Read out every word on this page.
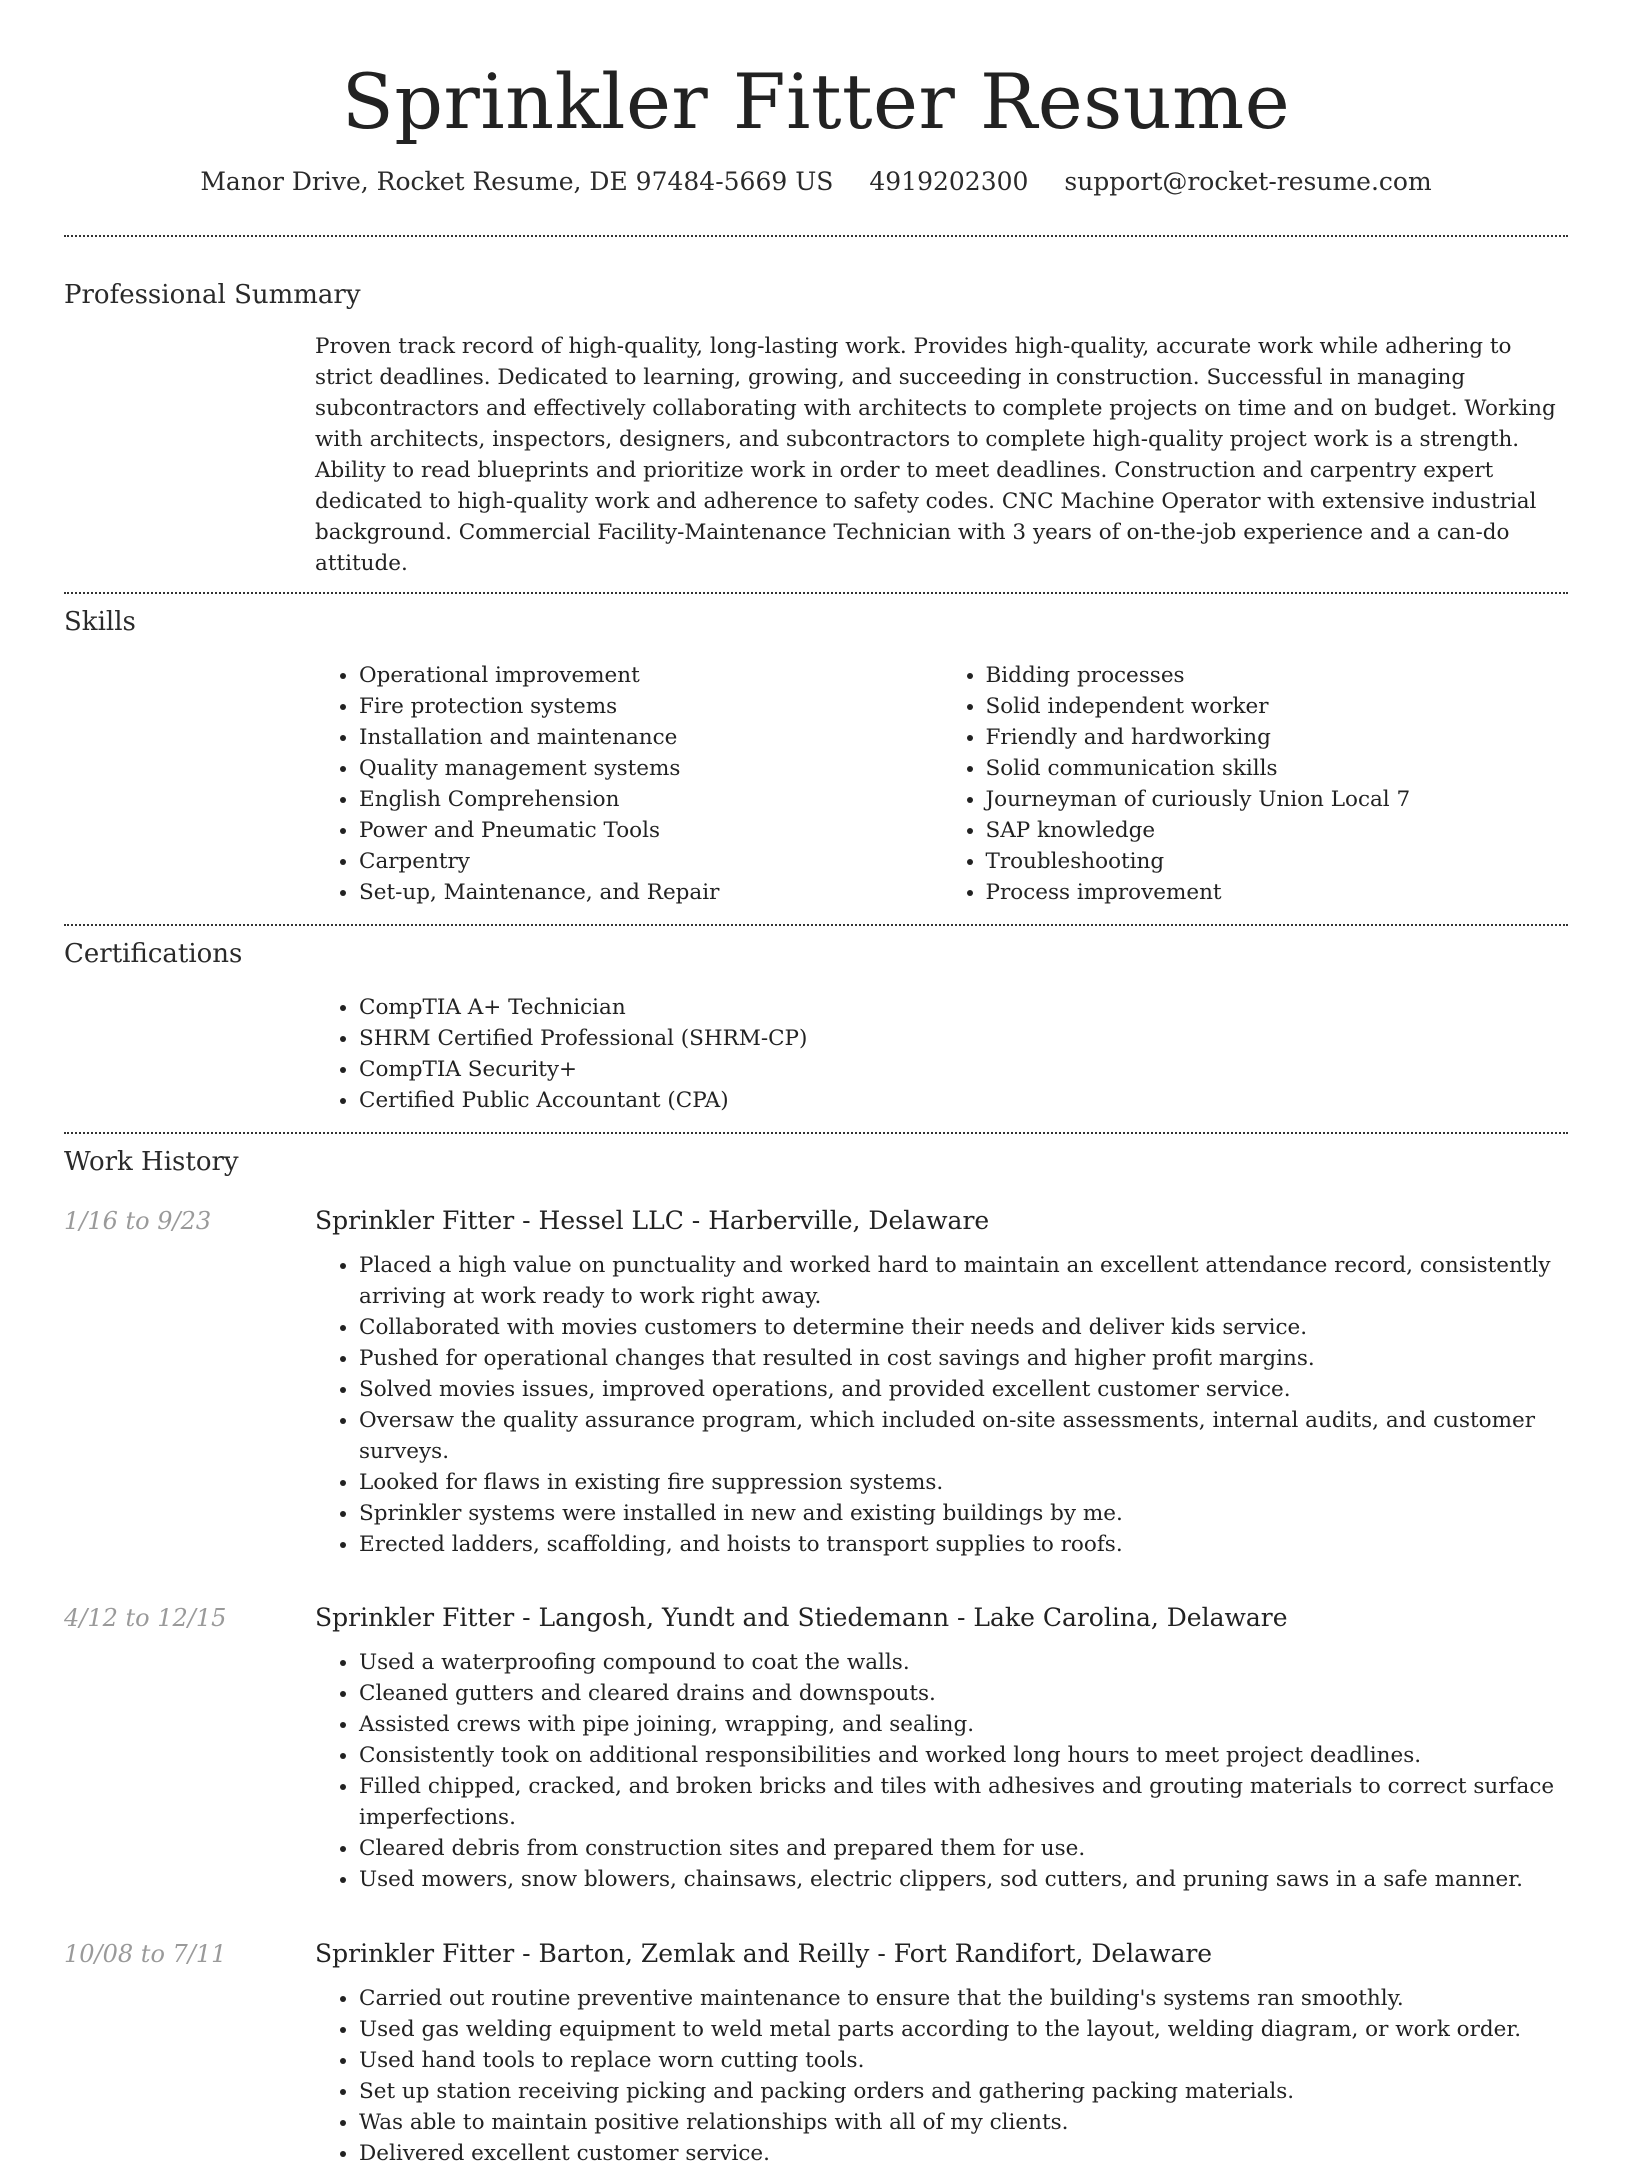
Sprinkler Fitter Resume
Manor Drive, Rocket Resume, DE 97484-5669 US 4919202300 support@rocket-resume.com
Professional Summary
Proven track record of high-quality, long-lasting work. Provides high-quality, accurate work while adhering to strict deadlines. Dedicated to learning, growing, and succeeding in construction. Successful in managing subcontractors and effectively collaborating with architects to complete projects on time and on budget. Working with architects, inspectors, designers, and subcontractors to complete high-quality project work is a strength. Ability to read blueprints and prioritize work in order to meet deadlines. Construction and carpentry expert dedicated to high-quality work and adherence to safety codes. CNC Machine Operator with extensive industrial background. Commercial Facility-Maintenance Technician with 3 years of on-the-job experience and a can-do attitude.
Skills
• Operational improvement
• Fire protection systems
• Installation and maintenance
• Quality management systems
• English Comprehension
• Power and Pneumatic Tools
• Carpentry
• Set-up, Maintenance, and Repair
• Bidding processes
• Solid independent worker
• Friendly and hardworking
• Solid communication skills
• Journeyman of curiously Union Local 7
• SAP knowledge
• Troubleshooting
• Process improvement
Certifications
• CompTIA A+ Technician
• SHRM Certified Professional (SHRM-CP)
• CompTIA Security+
• Certified Public Accountant (CPA)
Work History
1/16 to 9/23	Sprinkler Fitter - Hessel LLC - Harberville, Delaware
• Placed a high value on punctuality and worked hard to maintain an excellent attendance record, consistently arriving at work ready to work right away.
• Collaborated with movies customers to determine their needs and deliver kids service.
• Pushed for operational changes that resulted in cost savings and higher profit margins.
• Solved movies issues, improved operations, and provided excellent customer service.
• Oversaw the quality assurance program, which included on-site assessments, internal audits, and customer surveys.
• Looked for flaws in existing fire suppression systems.
• Sprinkler systems were installed in new and existing buildings by me.
• Erected ladders, scaffolding, and hoists to transport supplies to roofs.
4/12 to 12/15	Sprinkler Fitter - Langosh, Yundt and Stiedemann - Lake Carolina, Delaware
• Used a waterproofing compound to coat the walls.
• Cleaned gutters and cleared drains and downspouts.
• Assisted crews with pipe joining, wrapping, and sealing.
• Consistently took on additional responsibilities and worked long hours to meet project deadlines.
• Filled chipped, cracked, and broken bricks and tiles with adhesives and grouting materials to correct surface imperfections.
• Cleared debris from construction sites and prepared them for use.
• Used mowers, snow blowers, chainsaws, electric clippers, sod cutters, and pruning saws in a safe manner.
10/08 to 7/11	Sprinkler Fitter - Barton, Zemlak and Reilly - Fort Randifort, Delaware
• Carried out routine preventive maintenance to ensure that the building's systems ran smoothly.
• Used gas welding equipment to weld metal parts according to the layout, welding diagram, or work order.
• Used hand tools to replace worn cutting tools.
• Set up station receiving picking and packing orders and gathering packing materials.
• Was able to maintain positive relationships with all of my clients.
• Delivered excellent customer service.
